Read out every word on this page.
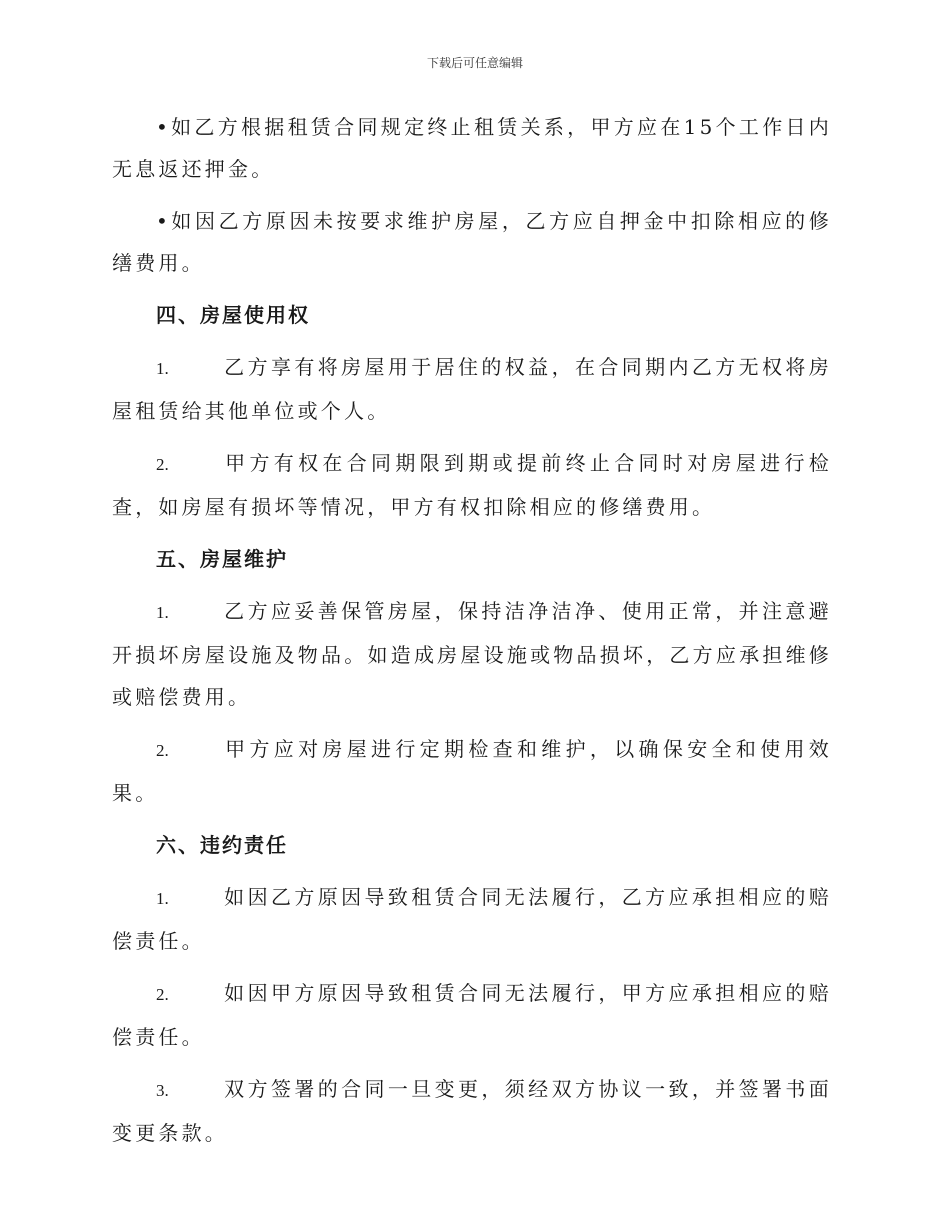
下载后可任意编辑

•如乙方根据租赁合同规定终止租赁关系，甲方应在15个工作日内无息返还押金。

•如因乙方原因未按要求维护房屋，乙方应自押金中扣除相应的修缮费用。

四、房屋使用权

1.	乙方享有将房屋用于居住的权益，在合同期内乙方无权将房屋租赁给其他单位或个人。

2.	甲方有权在合同期限到期或提前终止合同时对房屋进行检查，如房屋有损坏等情况，甲方有权扣除相应的修缮费用。

五、房屋维护

1.	乙方应妥善保管房屋，保持洁净洁净、使用正常，并注意避开损坏房屋设施及物品。如造成房屋设施或物品损坏，乙方应承担维修或赔偿费用。

2.	甲方应对房屋进行定期检查和维护，以确保安全和使用效果。

六、违约责任

1.	如因乙方原因导致租赁合同无法履行，乙方应承担相应的赔偿责任。

2.	如因甲方原因导致租赁合同无法履行，甲方应承担相应的赔偿责任。

3.	双方签署的合同一旦变更，须经双方协议一致，并签署书面变更条款。
